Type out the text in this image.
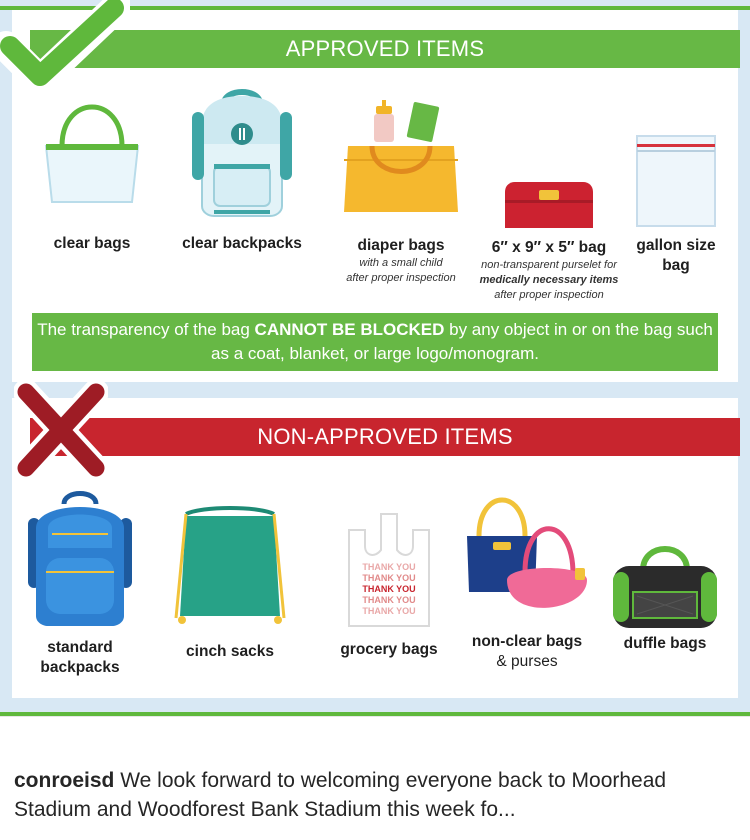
APPROVED ITEMS
clear bags	clear backpacks	diaper bags
with a small child
after proper inspection
6″ x 9″ x 5″ bag
non-transparent purselet for
medically necessary items
after proper inspection
gallon size
bag
The transparency of the bag CANNOT BE BLOCKED by any object in or on the bag such as a coat, blanket, or large logo/monogram.
NON-APPROVED ITEMS
standard
backpacks
cinch sacks
THANK YOU
THANK YOU
THANK YOU
THANK YOU
THANK YOU
grocery bags	non-clear bags
& purses
duffle bags
conroeisd We look forward to welcoming everyone back to Moorhead Stadium and Woodforest Bank Stadium this week fo...
